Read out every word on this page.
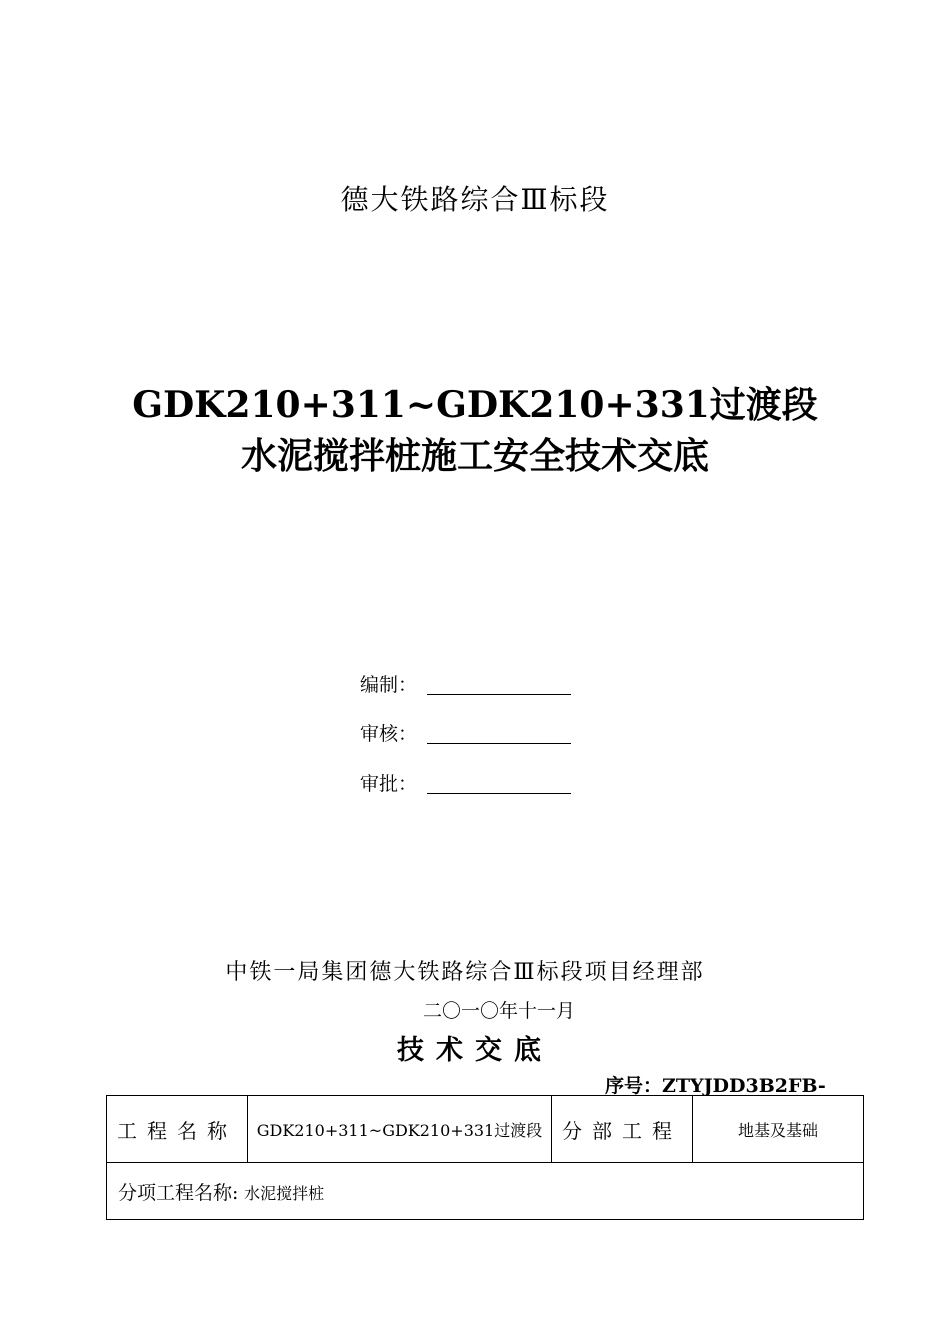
德大铁路综合Ⅲ标段
GDK210+311~GDK210+331过渡段
水泥搅拌桩施工安全技术交底
编制：
审核：
审批：
中铁一局集团德大铁路综合Ⅲ标段项目经理部
二〇一〇年十一月
技术交底
序号：ZTYJDD3B2FB-
工程名称	GDK210+311~GDK210+331过渡段	分部工程	地基及基础
分项工程名称: 水泥搅拌桩
